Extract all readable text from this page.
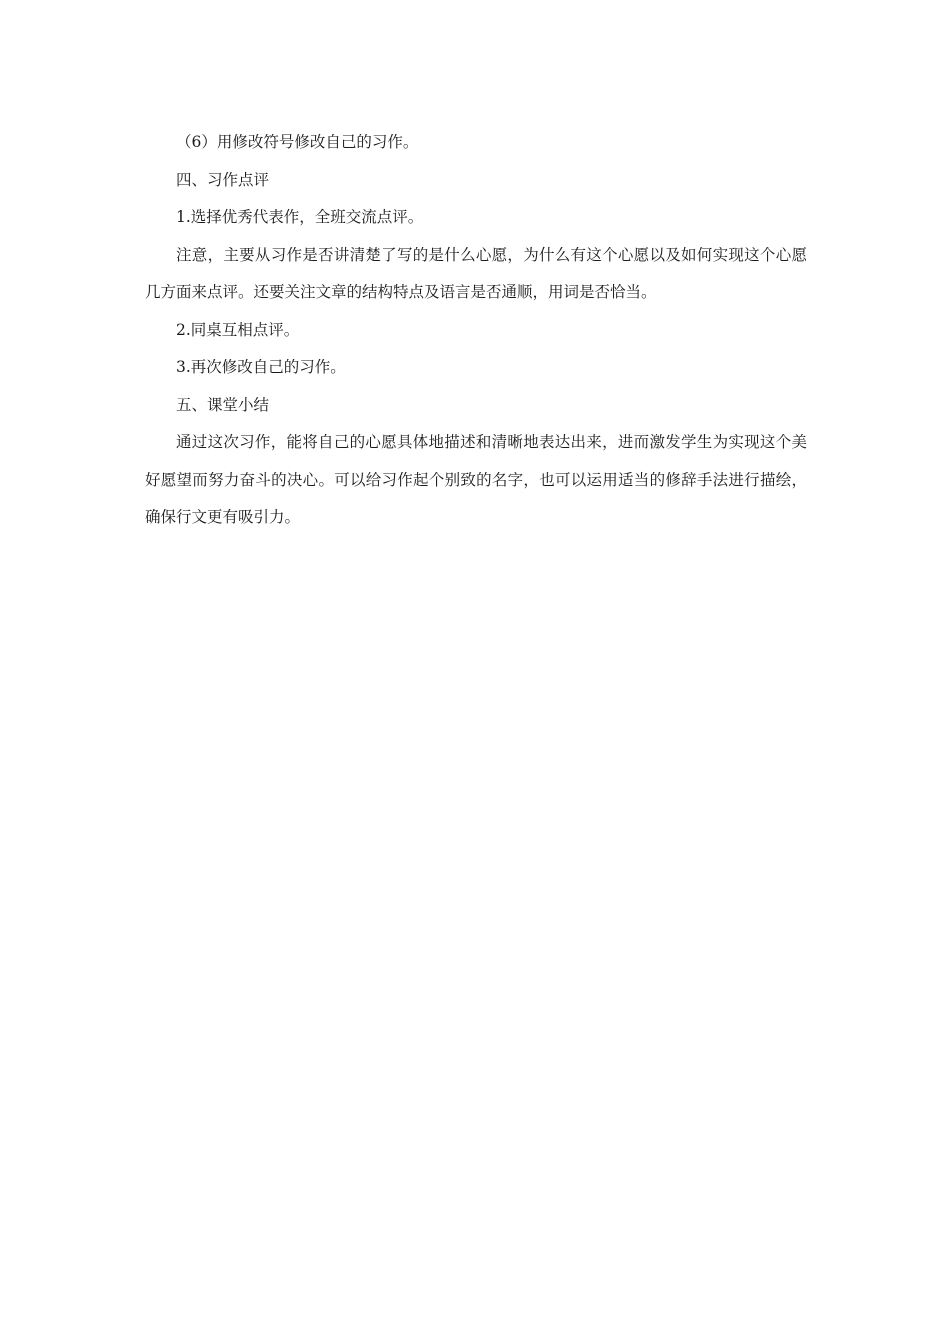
（6）用修改符号修改自己的习作。

四、习作点评

1.选择优秀代表作，全班交流点评。

注意，主要从习作是否讲清楚了写的是什么心愿，为什么有这个心愿以及如何实现这个心愿几方面来点评。还要关注文章的结构特点及语言是否通顺，用词是否恰当。

2.同桌互相点评。

3.再次修改自己的习作。

五、课堂小结

通过这次习作，能将自己的心愿具体地描述和清晰地表达出来，进而激发学生为实现这个美好愿望而努力奋斗的决心。可以给习作起个别致的名字，也可以运用适当的修辞手法进行描绘，确保行文更有吸引力。
